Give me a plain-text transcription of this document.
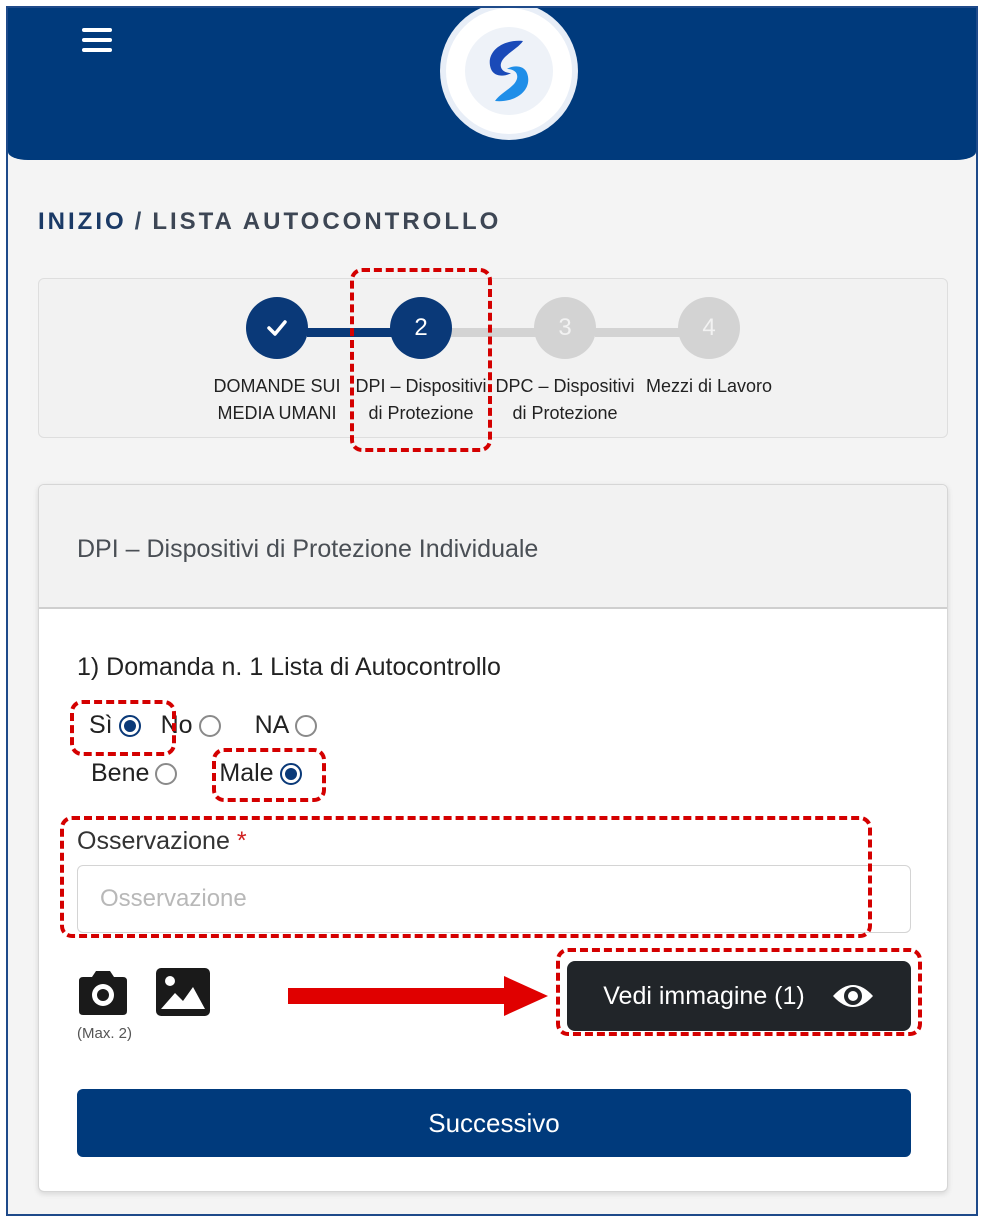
INIZIO / LISTA AUTOCONTROLLO
DOMANDE SUI MEDIA UMANI
2
DPI – Dispositivi di Protezione
3
DPC – Dispositivi di Protezione
4
Mezzi di Lavoro
DPI – Dispositivi di Protezione Individuale
1) Domanda n. 1 Lista di Autocontrollo
Sì No NA
Bene	Male
Osservazione *
Osservazione
(Max. 2)
Vedi immagine (1)
Successivo
